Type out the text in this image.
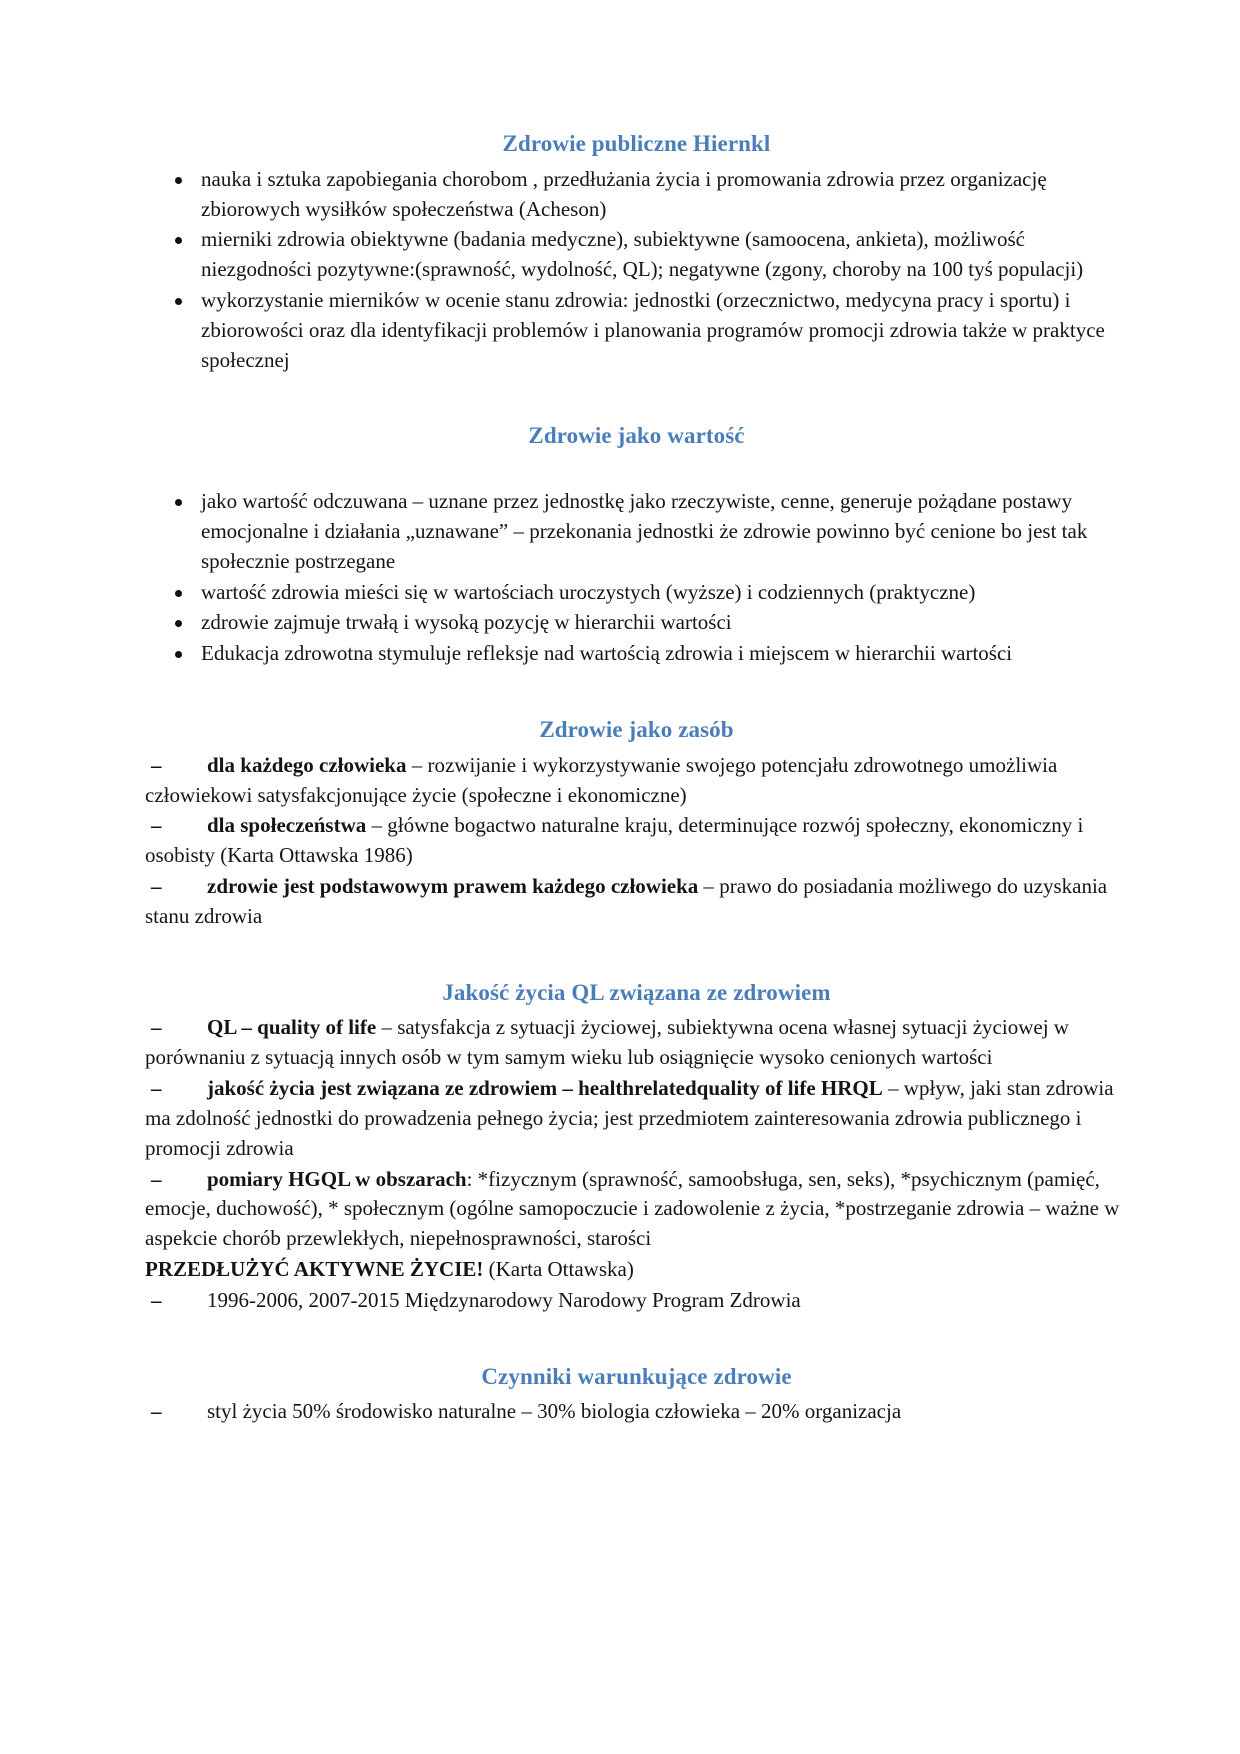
Zdrowie publiczne Hiernkl
nauka i sztuka zapobiegania chorobom , przedłużania życia i promowania zdrowia przez organizację zbiorowych wysiłków społeczeństwa (Acheson)
mierniki zdrowia obiektywne (badania medyczne), subiektywne (samoocena, ankieta), możliwość niezgodności pozytywne:(sprawność, wydolność, QL); negatywne (zgony, choroby na 100 tyś populacji)
wykorzystanie mierników w ocenie stanu zdrowia: jednostki (orzecznictwo, medycyna pracy i sportu) i zbiorowości oraz dla identyfikacji problemów i planowania programów promocji zdrowia także w praktyce społecznej
Zdrowie jako wartość
jako wartość odczuwana – uznane przez jednostkę jako rzeczywiste, cenne, generuje pożądane postawy emocjonalne i działania „uznawane” – przekonania jednostki że zdrowie powinno być cenione bo jest tak społecznie postrzegane
wartość zdrowia mieści się w wartościach uroczystych (wyższe) i codziennych (praktyczne)
zdrowie zajmuje trwałą i wysoką pozycję w hierarchii wartości
Edukacja zdrowotna stymuluje refleksje nad wartością zdrowia i miejscem w hierarchii wartości
Zdrowie jako zasób

– dla każdego człowieka – rozwijanie i wykorzystywanie swojego potencjału zdrowotnego umożliwia człowiekowi satysfakcjonujące życie (społeczne i ekonomiczne)

– dla społeczeństwa – główne bogactwo naturalne kraju, determinujące rozwój społeczny, ekonomiczny i osobisty (Karta Ottawska 1986)

– zdrowie jest podstawowym prawem każdego człowieka – prawo do posiadania możliwego do uzyskania stanu zdrowia

Jakość życia QL związana ze zdrowiem

– QL – quality of life – satysfakcja z sytuacji życiowej, subiektywna ocena własnej sytuacji życiowej w porównaniu z sytuacją innych osób w tym samym wieku lub osiągnięcie wysoko cenionych wartości

– jakość życia jest związana ze zdrowiem – healthrelatedquality of life HRQL – wpływ, jaki stan zdrowia ma zdolność jednostki do prowadzenia pełnego życia; jest przedmiotem zainteresowania zdrowia publicznego i promocji zdrowia

– pomiary HGQL w obszarach: *fizycznym (sprawność, samoobsługa, sen, seks), *psychicznym (pamięć, emocje, duchowość), * społecznym (ogólne samopoczucie i zadowolenie z życia, *postrzeganie zdrowia – ważne w aspekcie chorób przewlekłych, niepełnosprawności, starości

PRZEDŁUŻYĆ AKTYWNE ŻYCIE! (Karta Ottawska)

– 1996-2006, 2007-2015 Międzynarodowy Narodowy Program Zdrowia

Czynniki warunkujące zdrowie

– styl życia 50% środowisko naturalne – 30% biologia człowieka – 20% organizacja
